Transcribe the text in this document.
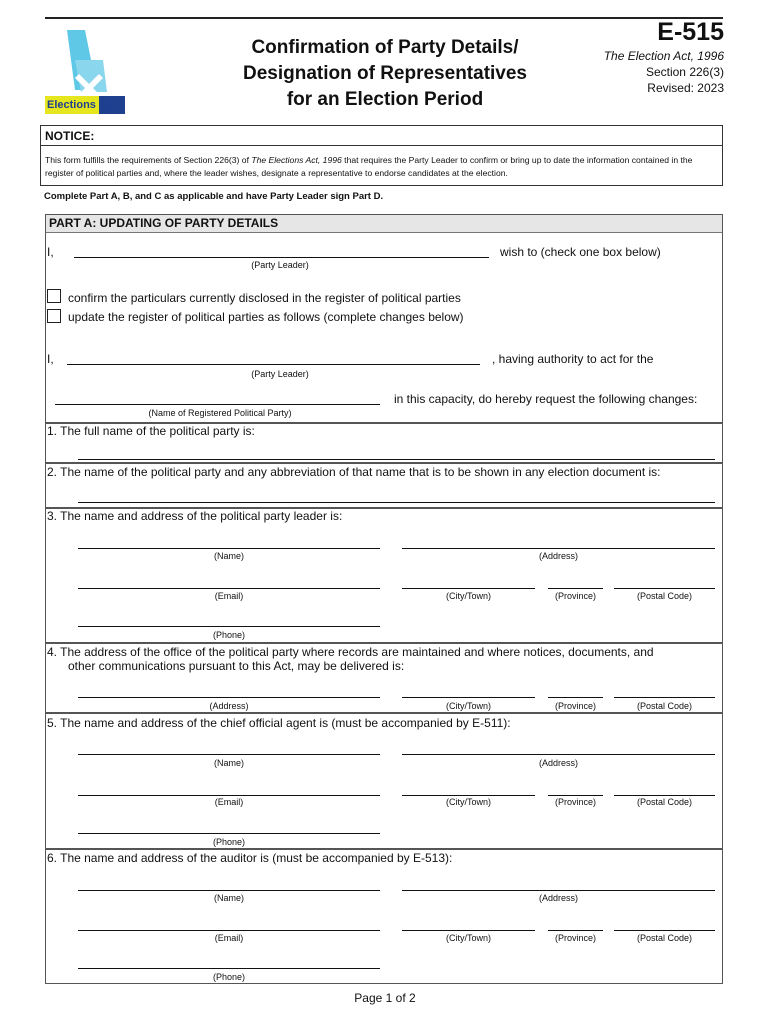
Elections SK
Confirmation of Party Details/
Designation of Representatives
for an Election Period
E-515
The Election Act, 1996
Section 226(3)
Revised: 2023
NOTICE:
This form fulfills the requirements of Section 226(3) of The Elections Act, 1996 that requires the Party Leader to confirm or bring up to date the information contained in the register of political parties and, where the leader wishes, designate a representative to endorse candidates at the election.
Complete Part A, B, and C as applicable and have Party Leader sign Part D.
PART A: UPDATING OF PARTY DETAILS
I,	wish to (check one box below)
(Party Leader)
confirm the particulars currently disclosed in the register of political parties
update the register of political parties as follows (complete changes below)
I,	, having authority to act for the
(Party Leader)
in this capacity, do hereby request the following changes:
(Name of Registered Political Party)
1. The full name of the political party is:
2. The name of the political party and any abbreviation of that name that is to be shown in any election document is:
3. The name and address of the political party leader is:
(Name)	(Address)
(Email)	(City/Town)	(Province)	(Postal Code)
(Phone)
4. The address of the office of the political party where records are maintained and where notices, documents, and
other communications pursuant to this Act, may be delivered is:
(Address)	(City/Town)	(Province)	(Postal Code)
5. The name and address of the chief official agent is (must be accompanied by E-511):
(Name)	(Address)
(Email)	(City/Town)	(Province)	(Postal Code)
(Phone)
6. The name and address of the auditor is (must be accompanied by E-513):
(Name)	(Address)
(Email)	(City/Town)	(Province)	(Postal Code)
(Phone)
Page 1 of 2
